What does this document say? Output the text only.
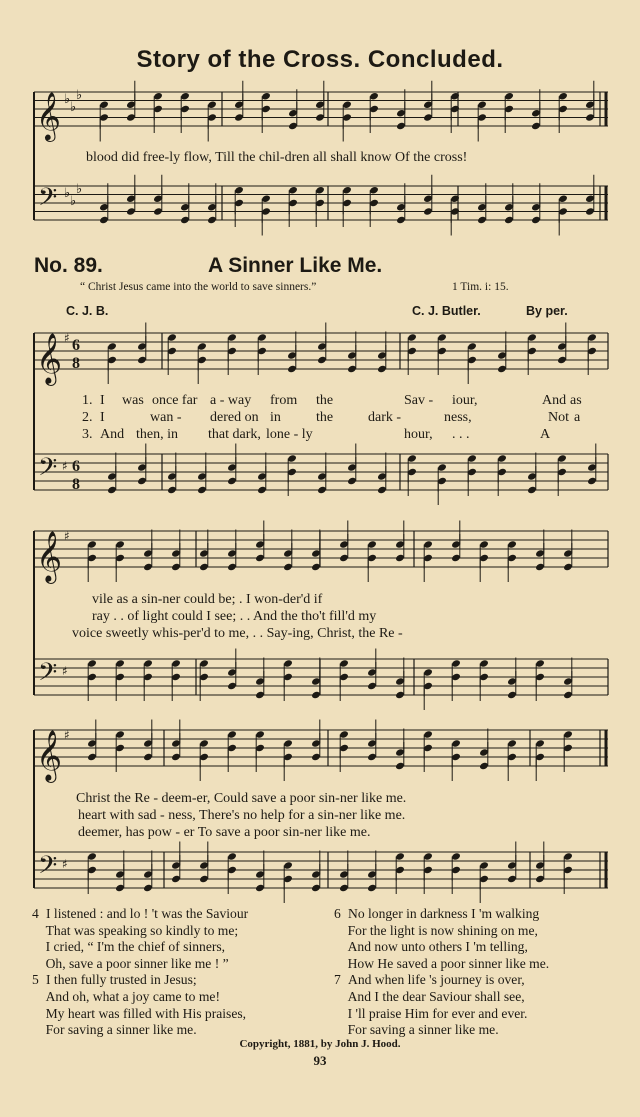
Story of the Cross. Concluded.
𝄞 ♭
♭
♭
𝄢 ♭
♭
♭
𝄞 ♯ 6
8
𝄢 ♯ 6
8
𝄞 ♯
𝄢 ♯
𝄞 ♯
𝄢 ♯
blood did free-ly flow, Till the chil-dren all shall know Of the cross!
No. 89.	A Sinner Like Me.
“ Christ Jesus came into the world to save sinners.”	1 Tim. i: 15.
C. J. B.	C. J. Butler.	By per.
1. I was once far a - way from the	Sav - iour,	And as
2. I	wan - dered on in	the dark -	ness,	Not a
3. And then, in that dark, lone - ly	hour, . . .	A
vile as a sin-ner could be; . I won-der'd if
ray . . of light could I see; . . And the tho't fill'd my
voice sweetly whis-per'd to me, . . Say-ing, Christ, the Re -
Christ the Re - deem-er, Could save a poor sin-ner like me.
heart with sad - ness, There's no help for a sin-ner like me.
deemer, has pow - er To save a poor sin-ner like me.
4 I listened : and lo ! 't was the Saviour
That was speaking so kindly to me;
I cried, “ I'm the chief of sinners,
Oh, save a poor sinner like me ! ”
5 I then fully trusted in Jesus;
And oh, what a joy came to me!
My heart was filled with His praises,
For saving a sinner like me.
6 No longer in darkness I 'm walking
For the light is now shining on me,
And now unto others I 'm telling,
How He saved a poor sinner like me.
7 And when life 's journey is over,
And I the dear Saviour shall see,
I 'll praise Him for ever and ever.
For saving a sinner like me.
Copyright, 1881, by John J. Hood.
93
